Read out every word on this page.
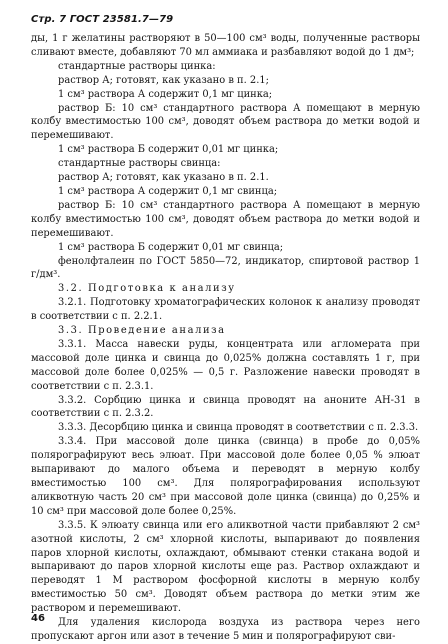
Стр. 7 ГОСТ 23581.7—79

ды, 1 г желатины растворяют в 50—100 см³ воды, полученные растворы сливают вместе, добавляют 70 мл аммиака и разбавляют водой до 1 дм³;

стандартные растворы цинка:

раствор А; готовят, как указано в п. 2.1;

1 см³ раствора А содержит 0,1 мг цинка;

раствор Б: 10 см³ стандартного раствора А помещают в мерную колбу вместимостью 100 см³, доводят объем раствора до метки водой и перемешивают.

1 см³ раствора Б содержит 0,01 мг цинка;

стандартные растворы свинца:

раствор А; готовят, как указано в п. 2.1.

1 см³ раствора А содержит 0,1 мг свинца;

раствор Б: 10 см³ стандартного раствора А помещают в мерную колбу вместимостью 100 см³, доводят объем раствора до метки водой и перемешивают.

1 см³ раствора Б содержит 0,01 мг свинца;

фенолфталеин по ГОСТ 5850—72, индикатор, спиртовой раствор 1 г/дм³.

3.2. Подготовка к анализу

3.2.1. Подготовку хроматографических колонок к анализу проводят в соответствии с п. 2.2.1.

3.3. Проведение анализа

3.3.1. Масса навески руды, концентрата или агломерата при массовой доле цинка и свинца до 0,025% должна составлять 1 г, при массовой доле более 0,025% — 0,5 г. Разложение навески проводят в соответствии с п. 2.3.1.

3.3.2. Сорбцию цинка и свинца проводят на аноните АН-31 в соответствии с п. 2.3.2.

3.3.3. Десорбцию цинка и свинца проводят в соответствии с п. 2.3.3.

3.3.4. При массовой доле цинка (свинца) в пробе до 0,05% полярографируют весь элюат. При массовой доле более 0,05 % элюат выпаривают до малого объема и переводят в мерную колбу вместимостью 100 см³. Для полярографирования используют аликвотную часть 20 см³ при массовой доле цинка (свинца) до 0,25% и 10 см³ при массовой доле более 0,25%.

3.3.5. К элюату свинца или его аликвотной части прибавляют 2 см³ азотной кислоты, 2 см³ хлорной кислоты, выпаривают до появления паров хлорной кислоты, охлаждают, обмывают стенки стакана водой и выпаривают до паров хлорной кислоты еще раз. Раствор охлаждают и переводят 1 М раствором фосфорной кислоты в мерную колбу вместимостью 50 см³. Доводят объем раствора до метки этим же раствором и перемешивают.

Для удаления кислорода воздуха из раствора через него пропускают аргон или азот в течение 5 мин и полярографируют сви-

46
